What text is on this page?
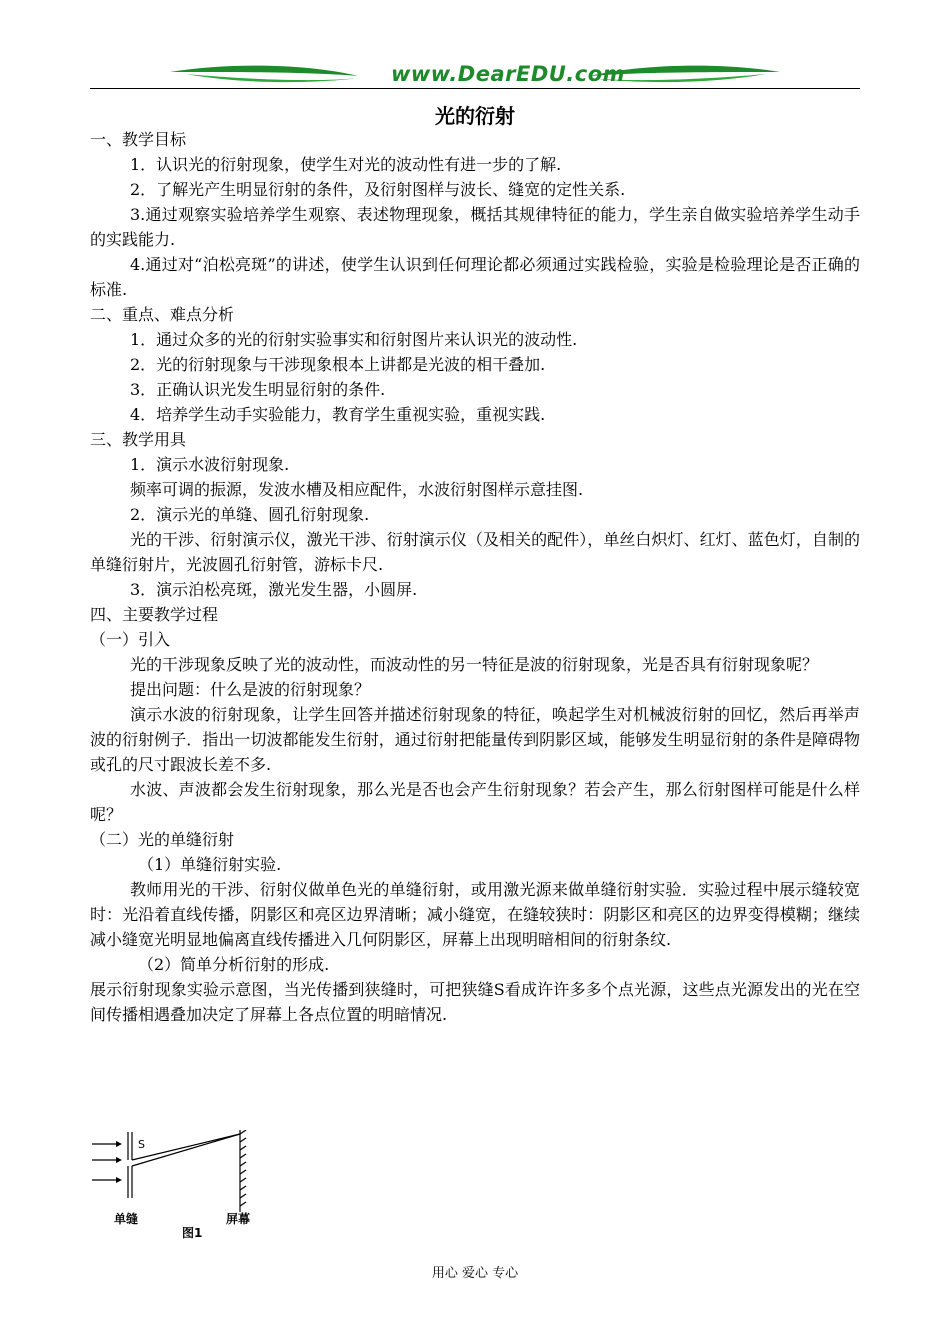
www.DearEDU.com
光的衍射

一、教学目标

1．认识光的衍射现象，使学生对光的波动性有进一步的了解.

2．了解光产生明显衍射的条件，及衍射图样与波长、缝宽的定性关系.

3.通过观察实验培养学生观察、表述物理现象，概括其规律特征的能力，学生亲自做实验培养学生动手的实践能力.

4.通过对“泊松亮斑”的讲述，使学生认识到任何理论都必须通过实践检验，实验是检验理论是否正确的标准.

二、重点、难点分析

1．通过众多的光的衍射实验事实和衍射图片来认识光的波动性.

2．光的衍射现象与干涉现象根本上讲都是光波的相干叠加.

3．正确认识光发生明显衍射的条件.

4．培养学生动手实验能力，教育学生重视实验，重视实践.

三、教学用具

1．演示水波衍射现象.

频率可调的振源，发波水槽及相应配件，水波衍射图样示意挂图.

2．演示光的单缝、圆孔衍射现象.

光的干涉、衍射演示仪，激光干涉、衍射演示仪（及相关的配件），单丝白炽灯、红灯、蓝色灯，自制的单缝衍射片，光波圆孔衍射管，游标卡尺.

3．演示泊松亮斑，激光发生器，小圆屏.

四、主要教学过程

（一）引入

光的干涉现象反映了光的波动性，而波动性的另一特征是波的衍射现象，光是否具有衍射现象呢？

提出问题：什么是波的衍射现象？

演示水波的衍射现象，让学生回答并描述衍射现象的特征，唤起学生对机械波衍射的回忆，然后再举声波的衍射例子．指出一切波都能发生衍射，通过衍射把能量传到阴影区域，能够发生明显衍射的条件是障碍物或孔的尺寸跟波长差不多.

水波、声波都会发生衍射现象，那么光是否也会产生衍射现象？若会产生，那么衍射图样可能是什么样呢？

（二）光的单缝衍射

（1）单缝衍射实验.

教师用光的干涉、衍射仪做单色光的单缝衍射，或用激光源来做单缝衍射实验．实验过程中展示缝较宽时：光沿着直线传播，阴影区和亮区边界清晰；减小缝宽，在缝较狭时：阴影区和亮区的边界变得模糊；继续减小缝宽光明显地偏离直线传播进入几何阴影区，屏幕上出现明暗相间的衍射条纹.

（2）简单分析衍射的形成.

展示衍射现象实验示意图，当光传播到狭缝时，可把狭缝S看成许许多多个点光源，这些点光源发出的光在空间传播相遇叠加决定了屏幕上各点位置的明暗情况.

S
单缝	屏幕
图1
用心 爱心 专心
